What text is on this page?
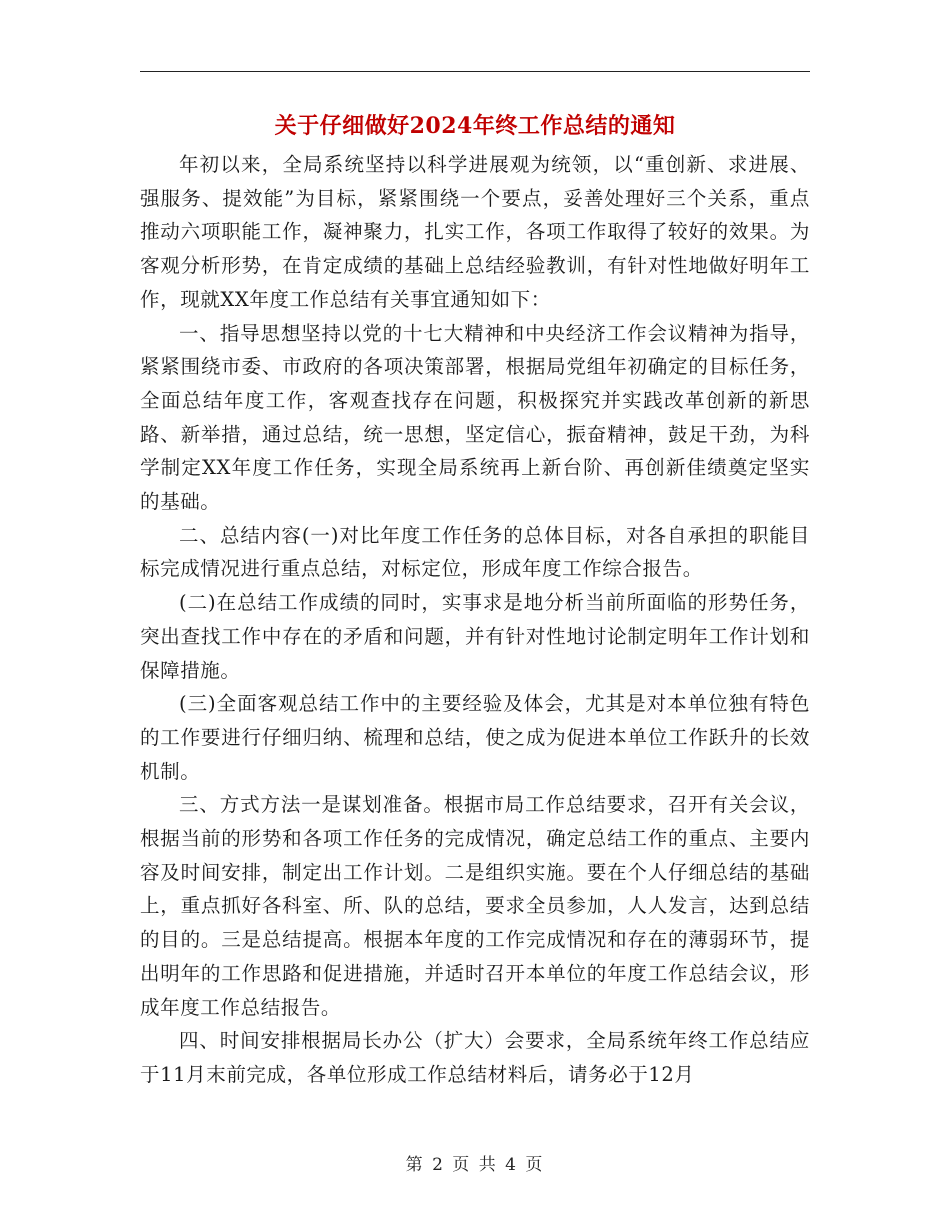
关于仔细做好2024年终工作总结的通知

年初以来，全局系统坚持以科学进展观为统领，以“重创新、求进展、强服务、提效能”为目标，紧紧围绕一个要点，妥善处理好三个关系，重点推动六项职能工作，凝神聚力，扎实工作，各项工作取得了较好的效果。为客观分析形势，在肯定成绩的基础上总结经验教训，有针对性地做好明年工作，现就XX年度工作总结有关事宜通知如下：

一、指导思想坚持以党的十七大精神和中央经济工作会议精神为指导，紧紧围绕市委、市政府的各项决策部署，根据局党组年初确定的目标任务，全面总结年度工作，客观查找存在问题，积极探究并实践改革创新的新思路、新举措，通过总结，统一思想，坚定信心，振奋精神，鼓足干劲，为科学制定XX年度工作任务，实现全局系统再上新台阶、再创新佳绩奠定坚实的基础。

二、总结内容(一)对比年度工作任务的总体目标，对各自承担的职能目标完成情况进行重点总结，对标定位，形成年度工作综合报告。

(二)在总结工作成绩的同时，实事求是地分析当前所面临的形势任务，突出查找工作中存在的矛盾和问题，并有针对性地讨论制定明年工作计划和保障措施。

(三)全面客观总结工作中的主要经验及体会，尤其是对本单位独有特色的工作要进行仔细归纳、梳理和总结，使之成为促进本单位工作跃升的长效机制。

三、方式方法一是谋划准备。根据市局工作总结要求，召开有关会议，根据当前的形势和各项工作任务的完成情况，确定总结工作的重点、主要内容及时间安排，制定出工作计划。二是组织实施。要在个人仔细总结的基础上，重点抓好各科室、所、队的总结，要求全员参加，人人发言，达到总结的目的。三是总结提高。根据本年度的工作完成情况和存在的薄弱环节，提出明年的工作思路和促进措施，并适时召开本单位的年度工作总结会议，形成年度工作总结报告。

四、时间安排根据局长办公（扩大）会要求，全局系统年终工作总结应于11月末前完成，各单位形成工作总结材料后，请务必于12月

第 2 页 共 4 页
